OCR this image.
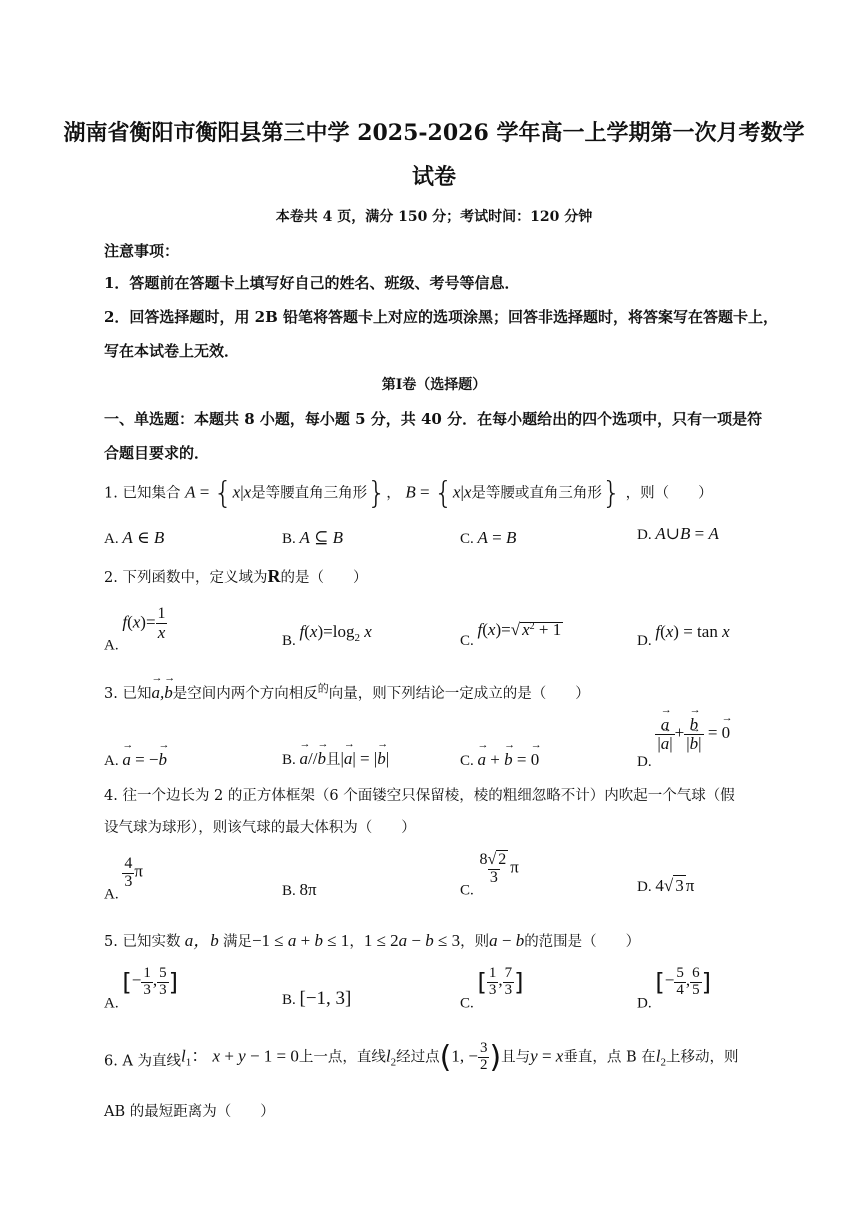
湖南省衡阳市衡阳县第三中学 2025-2026 学年高一上学期第一次月考数学
试卷
本卷共 4 页，满分 150 分；考试时间：120 分钟
注意事项：
1．答题前在答题卡上填写好自己的姓名、班级、考号等信息．
2．回答选择题时，用 2B 铅笔将答题卡上对应的选项涂黑；回答非选择题时，将答案写在答题卡上，
写在本试卷上无效．
第Ⅰ卷（选择题）
一、单选题：本题共 8 小题，每小题 5 分，共 40 分．在每小题给出的四个选项中，只有一项是符
合题目要求的．
1. 已知集合 A = {x|x是等腰直角三角形}， B = {x|x是等腰或直角三角形} ，则（　　）
A. A ∈ B	B. A ⊆ B	C. A = B	D. A∪B = A
2. 下列函数中，定义域为R的是（　　）
A. $f(x)= \frac{1}{x}$	B. $f(x)=\log_2$ x	C. f(x)=√ $x^2 + 1$
D. f(x) = tan x
3. 已知→ a,→ b是空间内两个方向相反$^的$向量，则下列结论一定成立的是（　　）
A. → a = −→ b	B. → a//→ b且|→ a| = |→ b|	C. → a + → b = → 0	D.
→ $\frac{a}{|\to a|}$ + → $\frac{b}{|\to b|}$ = → 0
4. 往一个边长为 2 的正方体框架（6 个面镂空只保留棱，棱的粗细忽略不计）内吹起一个气球（假
设气球为球形），则该气球的最大体积为（　　）
A.
$\frac{4}{3}$ π
B. 8π	C.
$\frac{8√ 2}{3}$ π
D. 4√ 3 π
5. 已知实数 a，b 满足−1 ≤ a + b ≤ 1，1 ≤ 2a − b ≤ 3，则a − b的范围是（　　）
A. [− $\frac{1}{3}$ , $\frac{5}{3}$ ]
B. [−1, 3]	C. [ $\frac{1}{3}$ , $\frac{7}{3}$ ]
D. [− $\frac{5}{4}$ , $\frac{6}{5}$ ]
6. A 为直线$l_1$： x + y − 1 = 0上一点，直线$l_2$经过点(1, − $\frac{3}{2}$ )且与y = x垂直，点 B 在$l_2$上移动，则
AB 的最短距离为（　　）
